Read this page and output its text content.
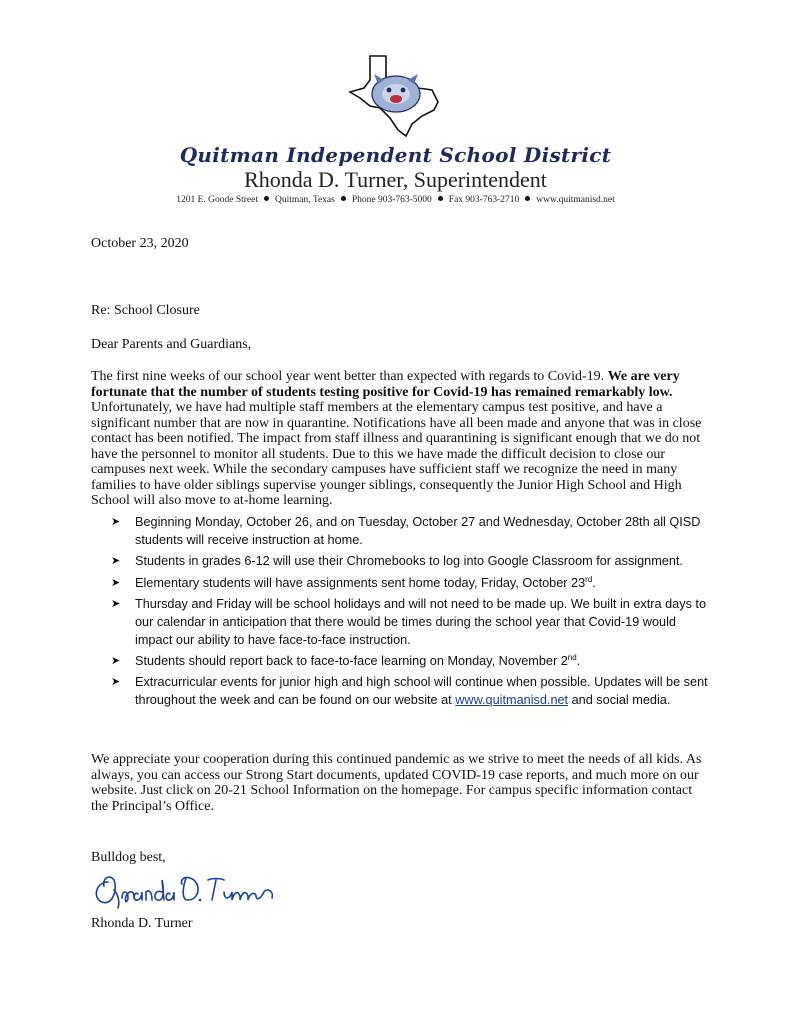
Quitman Independent School District
Rhonda D. Turner, Superintendent
1201 E. Goode Street Quitman, Texas Phone 903-763-5000 Fax 903-763-2710 www.quitmanisd.net

October 23, 2020

Re: School Closure

Dear Parents and Guardians,

The first nine weeks of our school year went better than expected with regards to Covid-19. We are very fortunate that the number of students testing positive for Covid-19 has remained remarkably low. Unfortunately, we have had multiple staff members at the elementary campus test positive, and have a significant number that are now in quarantine. Notifications have all been made and anyone that was in close contact has been notified. The impact from staff illness and quarantining is significant enough that we do not have the personnel to monitor all students. Due to this we have made the difficult decision to close our campuses next week. While the secondary campuses have sufficient staff we recognize the need in many families to have older siblings supervise younger siblings, consequently the Junior High School and High School will also move to at-home learning.

➤ Beginning Monday, October 26, and on Tuesday, October 27 and Wednesday, October 28th all QISD students will receive instruction at home.
➤ Students in grades 6-12 will use their Chromebooks to log into Google Classroom for assignment.
➤ Elementary students will have assignments sent home today, Friday, October 23rd.
➤ Thursday and Friday will be school holidays and will not need to be made up. We built in extra days to our calendar in anticipation that there would be times during the school year that Covid-19 would impact our ability to have face-to-face instruction.
➤ Students should report back to face-to-face learning on Monday, November 2nd.
➤ Extracurricular events for junior high and high school will continue when possible. Updates will be sent throughout the week and can be found on our website at www.quitmanisd.net and social media.

We appreciate your cooperation during this continued pandemic as we strive to meet the needs of all kids. As always, you can access our Strong Start documents, updated COVID-19 case reports, and much more on our website. Just click on 20-21 School Information on the homepage. For campus specific information contact the Principal’s Office.

Bulldog best,

Rhonda D. Turner
